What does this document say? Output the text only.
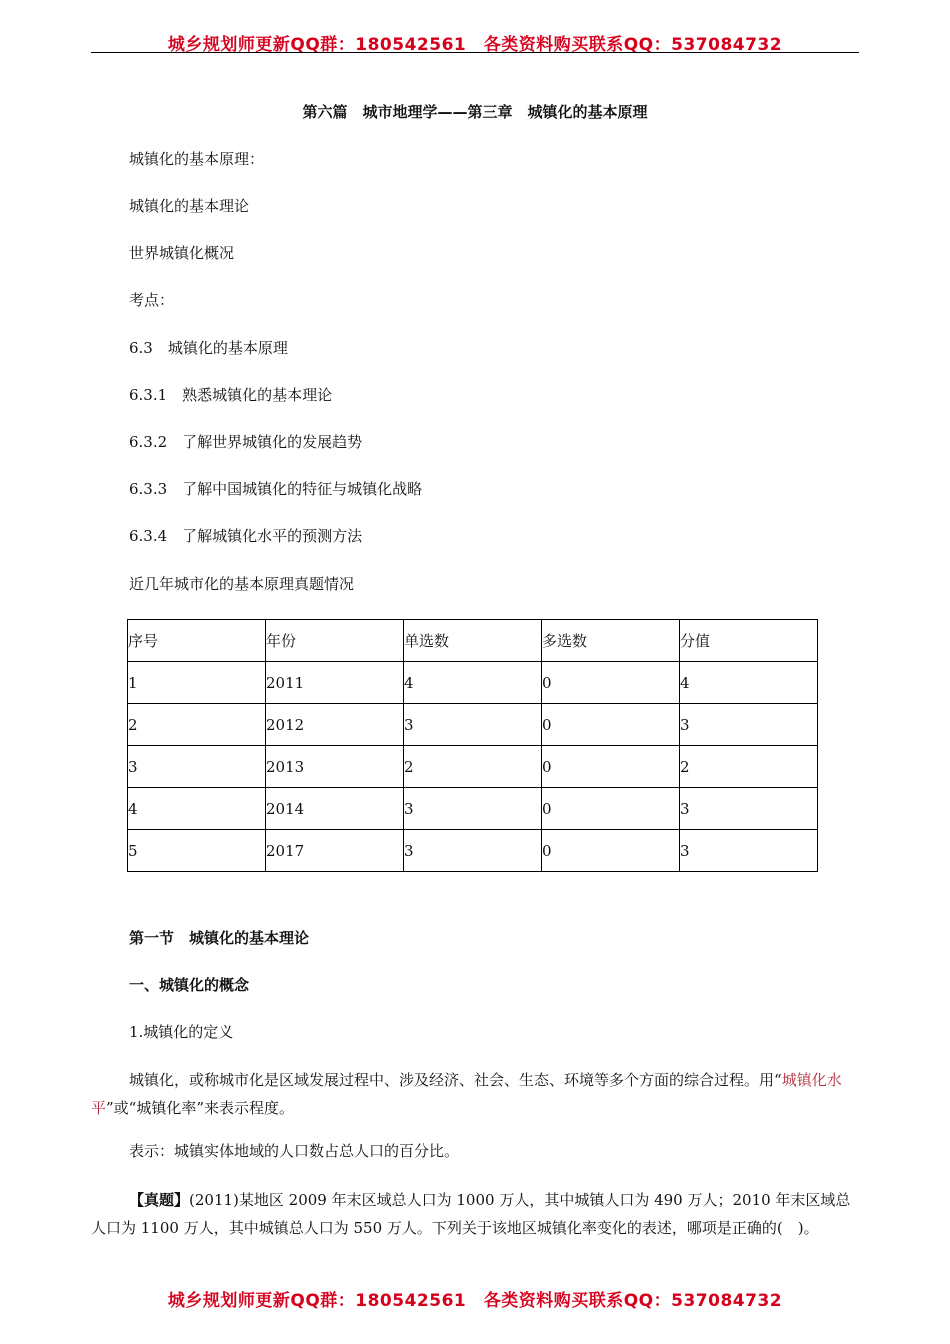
城乡规划师更新QQ群：180542561　各类资料购买联系QQ：537084732
第六篇　城市地理学——第三章　城镇化的基本原理
城镇化的基本原理：
城镇化的基本理论
世界城镇化概况
考点：
6.3　城镇化的基本原理
6.3.1　熟悉城镇化的基本理论
6.3.2　了解世界城镇化的发展趋势
6.3.3　了解中国城镇化的特征与城镇化战略
6.3.4　了解城镇化水平的预测方法
近几年城市化的基本原理真题情况
序号	年份	单选数	多选数	分值
1	2011	4	0	4
2	2012	3	0	3
3	2013	2	0	2
4	2014	3	0	3
5	2017	3	0	3
第一节　城镇化的基本理论
一、城镇化的概念
1.城镇化的定义
城镇化，或称城市化是区域发展过程中、涉及经济、社会、生态、环境等多个方面的综合过程。用“城镇化水平”或“城镇化率”来表示程度。
表示：城镇实体地域的人口数占总人口的百分比。
【真题】(2011)某地区 2009 年末区域总人口为 1000 万人，其中城镇人口为 490 万人；2010 年末区域总人口为 1100 万人，其中城镇总人口为 550 万人。下列关于该地区城镇化率变化的表述，哪项是正确的(　)。
城乡规划师更新QQ群：180542561　各类资料购买联系QQ：537084732
